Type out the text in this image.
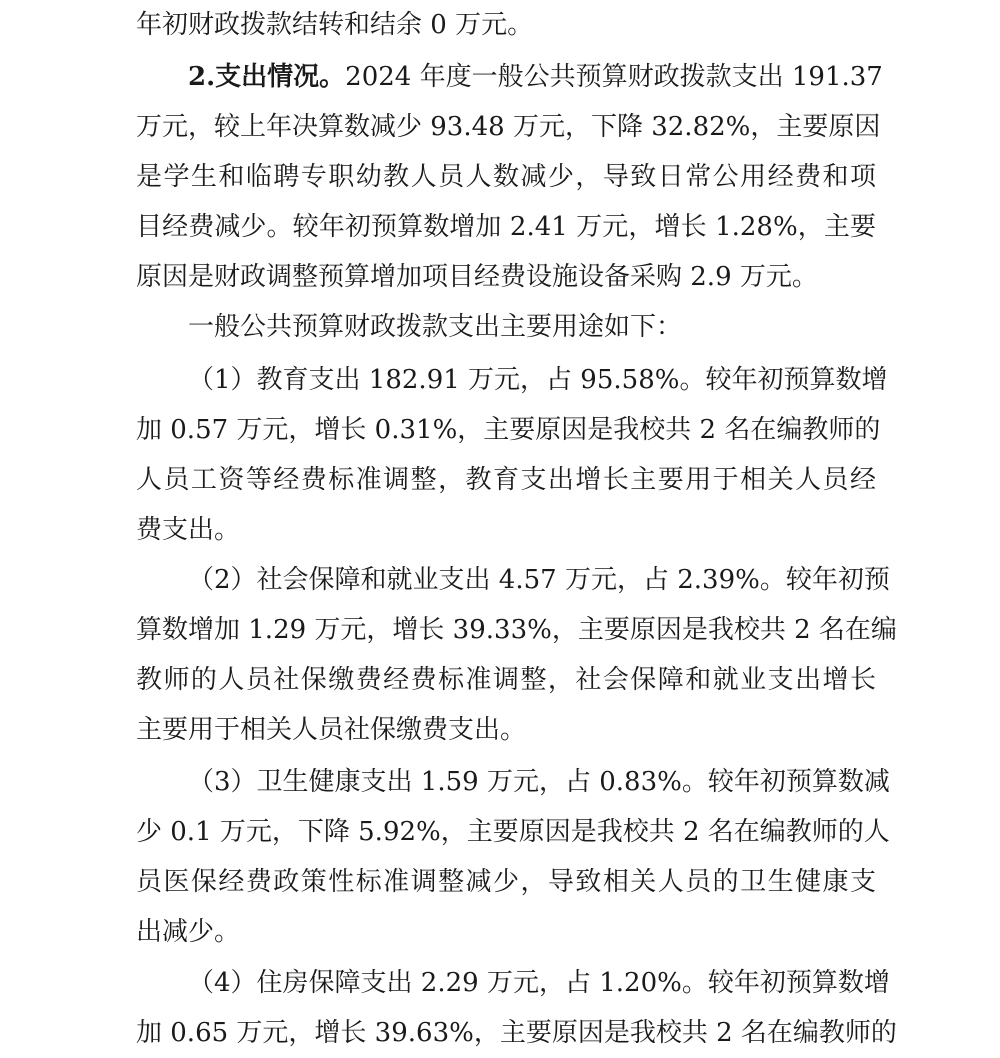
年初财政拨款结转和结余 0 万元。
2.支出情况。2024 年度一般公共预算财政拨款支出 191.37
万元，较上年决算数减少 93.48 万元，下降 32.82%，主要原因
是学生和临聘专职幼教人员人数减少，导致日常公用经费和项
目经费减少。较年初预算数增加 2.41 万元，增长 1.28%，主要
原因是财政调整预算增加项目经费设施设备采购 2.9 万元。
一般公共预算财政拨款支出主要用途如下：
（1）教育支出 182.91 万元，占 95.58%。较年初预算数增
加 0.57 万元，增长 0.31%，主要原因是我校共 2 名在编教师的
人员工资等经费标准调整，教育支出增长主要用于相关人员经
费支出。
（2）社会保障和就业支出 4.57 万元，占 2.39%。较年初预
算数增加 1.29 万元，增长 39.33%，主要原因是我校共 2 名在编
教师的人员社保缴费经费标准调整，社会保障和就业支出增长
主要用于相关人员社保缴费支出。
（3）卫生健康支出 1.59 万元，占 0.83%。较年初预算数减
少 0.1 万元，下降 5.92%，主要原因是我校共 2 名在编教师的人
员医保经费政策性标准调整减少，导致相关人员的卫生健康支
出减少。
（4）住房保障支出 2.29 万元，占 1.20%。较年初预算数增
加 0.65 万元，增长 39.63%，主要原因是我校共 2 名在编教师的
